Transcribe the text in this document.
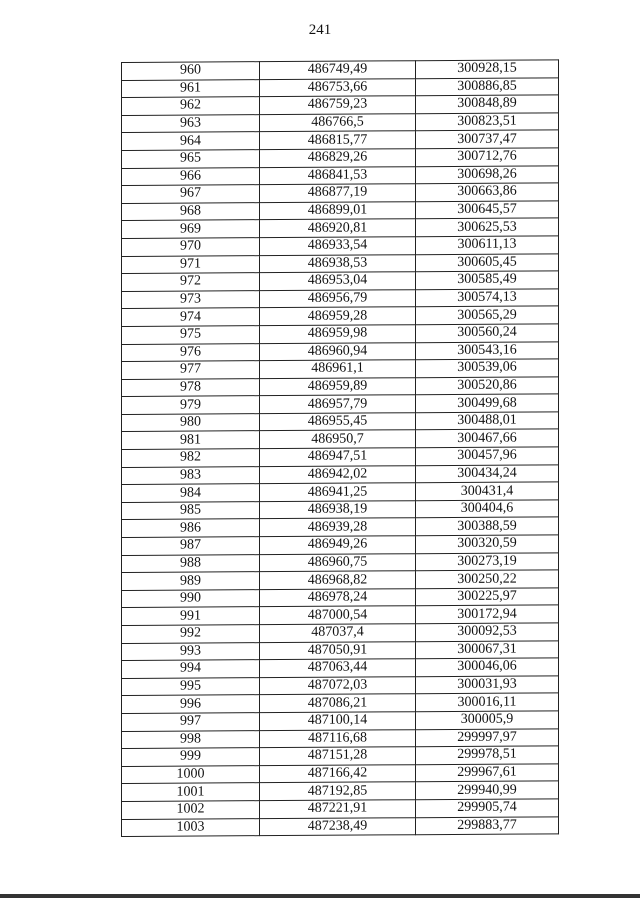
241
960	486749,49	300928,15
961	486753,66	300886,85
962	486759,23	300848,89
963	486766,5	300823,51
964	486815,77	300737,47
965	486829,26	300712,76
966	486841,53	300698,26
967	486877,19	300663,86
968	486899,01	300645,57
969	486920,81	300625,53
970	486933,54	300611,13
971	486938,53	300605,45
972	486953,04	300585,49
973	486956,79	300574,13
974	486959,28	300565,29
975	486959,98	300560,24
976	486960,94	300543,16
977	486961,1	300539,06
978	486959,89	300520,86
979	486957,79	300499,68
980	486955,45	300488,01
981	486950,7	300467,66
982	486947,51	300457,96
983	486942,02	300434,24
984	486941,25	300431,4
985	486938,19	300404,6
986	486939,28	300388,59
987	486949,26	300320,59
988	486960,75	300273,19
989	486968,82	300250,22
990	486978,24	300225,97
991	487000,54	300172,94
992	487037,4	300092,53
993	487050,91	300067,31
994	487063,44	300046,06
995	487072,03	300031,93
996	487086,21	300016,11
997	487100,14	300005,9
998	487116,68	299997,97
999	487151,28	299978,51
1000	487166,42	299967,61
1001	487192,85	299940,99
1002	487221,91	299905,74
1003	487238,49	299883,77
